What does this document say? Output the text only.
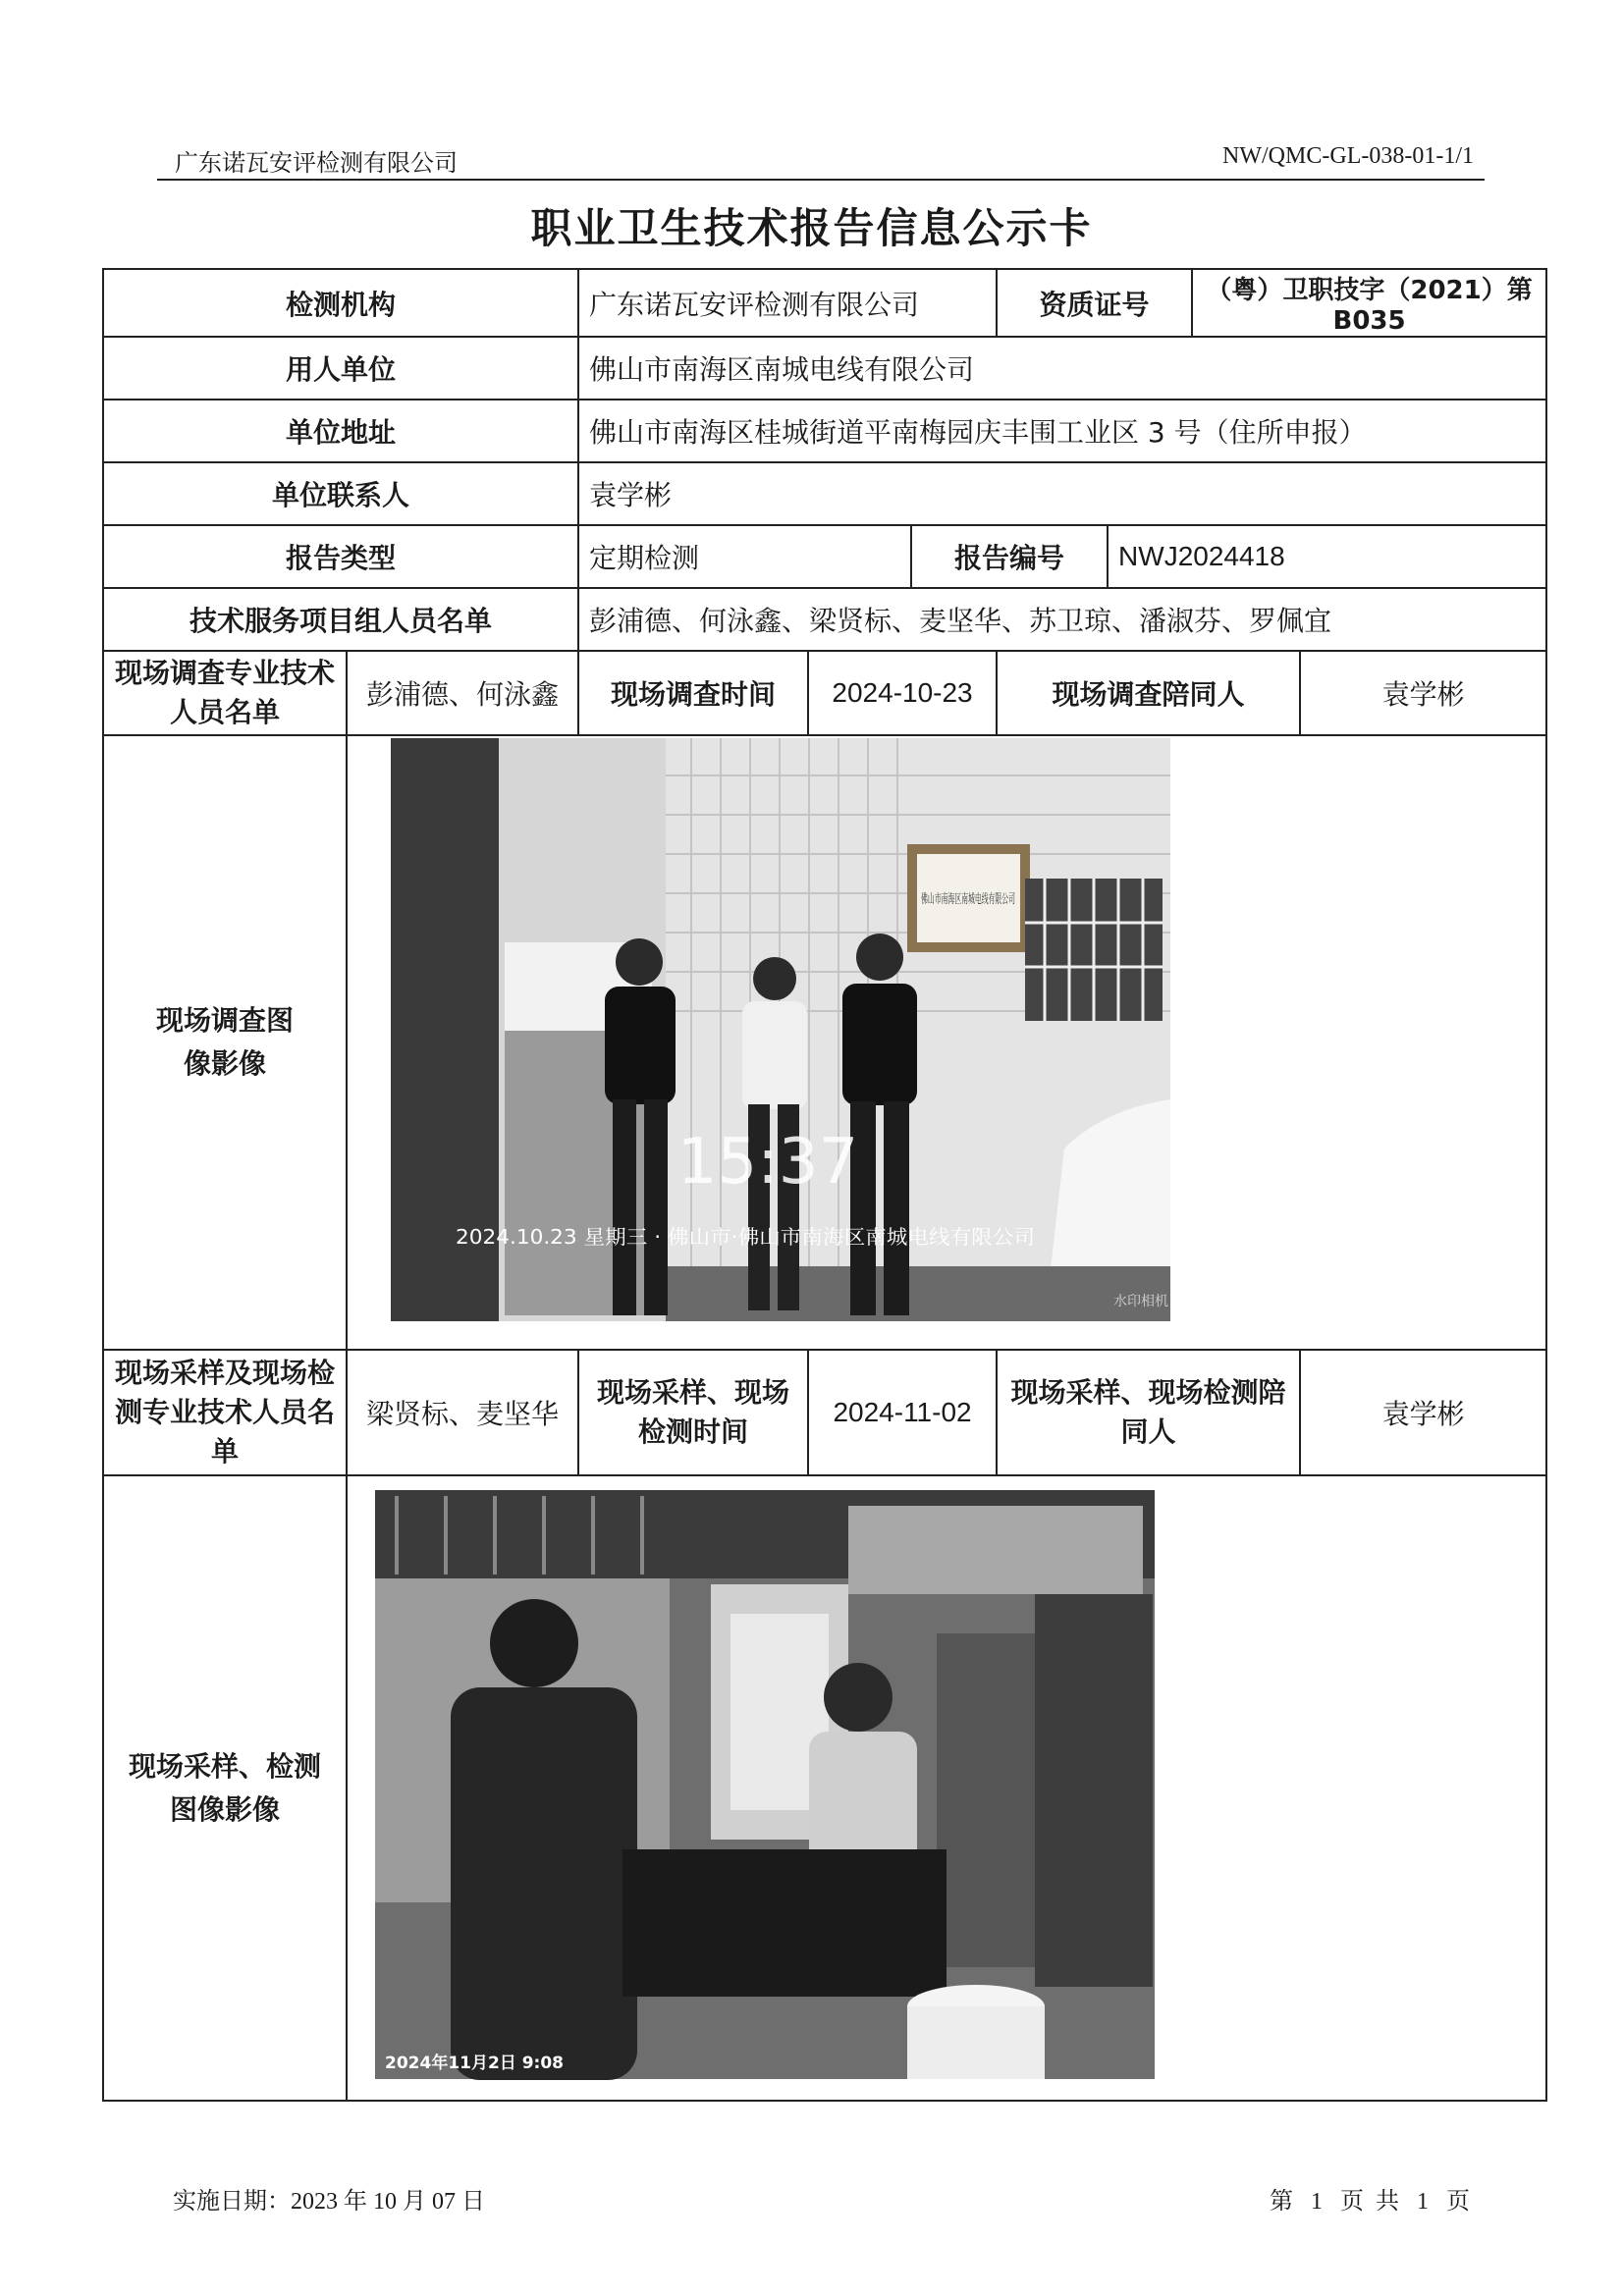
广东诺瓦安评检测有限公司	NW/QMC-GL-038-01-1/1
职业卫生技术报告信息公示卡
检测机构		广东诺瓦安评检测有限公司			资质证号		（粤）卫职技字（2021）第 B035	
用人单位		佛山市南海区南城电线有限公司						
单位地址		佛山市南海区桂城街道平南梅园庆丰围工业区 3 号（住所申报）						
单位联系人		袁学彬						
报告类型		定期检测		报告编号		NWJ2024418		
技术服务项目组人员名单		彭浦德、何泳鑫、梁贤标、麦坚华、苏卫琼、潘淑芬、罗佩宜						
现场调查专业技术人员名单	彭浦德、何泳鑫	现场调查时间	2024-10-23		现场调查陪同人			袁学彬
现场调查图像影像	佛山市南海区南城电线有限公司
15:37
2024.10.23 星期三 · 佛山市·佛山市南海区南城电线有限公司
水印相机							

现场采样及现场检测专业技术人员名单	梁贤标、麦坚华	现场采样、现场检测时间	2024-11-02		现场采样、现场检测陪同人			袁学彬
现场采样、检测图像影像	2024年11月2日 9:08							
实施日期：2023 年 10 月 07 日	第 1 页 共 1 页
